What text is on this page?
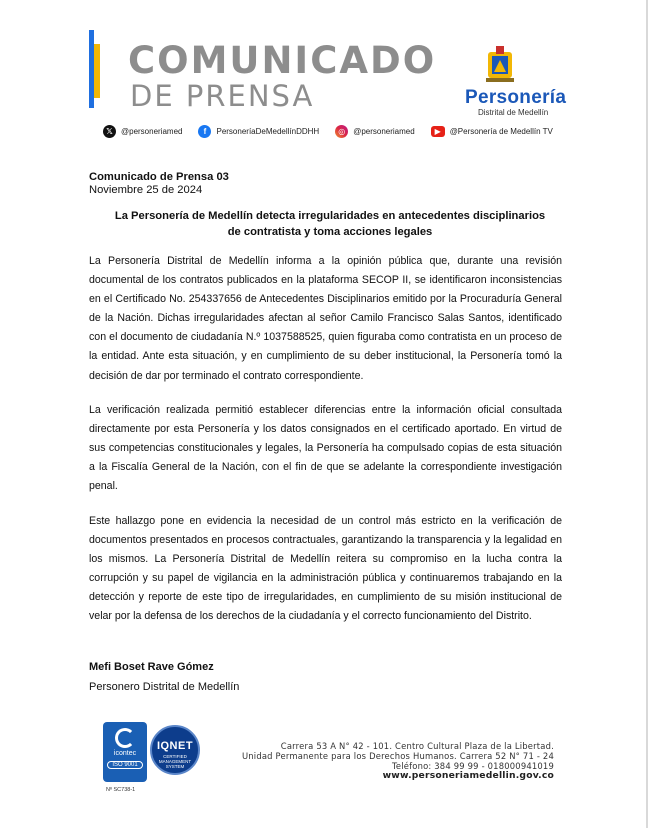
COMUNICADO
DE PRENSA	Personería
Distrital de Medellín
𝕏	@personeriamed	f	PersoneríaDeMedellínDDHH	◎	@personeriamed	▶	@Personería de Medellín TV
Comunicado de Prensa 03
Noviembre 25 de 2024
La Personería de Medellín detecta irregularidades en antecedentes disciplinarios de contratista y toma acciones legales

La Personería Distrital de Medellín informa a la opinión pública que, durante una revisión documental de los contratos publicados en la plataforma SECOP II, se identificaron inconsistencias en el Certificado No. 254337656 de Antecedentes Disciplinarios emitido por la Procuraduría General de la Nación. Dichas irregularidades afectan al señor Camilo Francisco Salas Santos, identificado con el documento de ciudadanía N.º 1037588525, quien figuraba como contratista en un proceso de la entidad. Ante esta situación, y en cumplimiento de su deber institucional, la Personería tomó la decisión de dar por terminado el contrato correspondiente.

La verificación realizada permitió establecer diferencias entre la información oficial consultada directamente por esta Personería y los datos consignados en el certificado aportado. En virtud de sus competencias constitucionales y legales, la Personería ha compulsado copias de esta situación a la Fiscalía General de la Nación, con el fin de que se adelante la correspondiente investigación penal.

Este hallazgo pone en evidencia la necesidad de un control más estricto en la verificación de documentos presentados en procesos contractuales, garantizando la transparencia y la legalidad en los mismos. La Personería Distrital de Medellín reitera su compromiso en la lucha contra la corrupción y su papel de vigilancia en la administración pública y continuaremos trabajando en la detección y reporte de este tipo de irregularidades, en cumplimiento de su misión institucional de velar por la defensa de los derechos de la ciudadanía y el correcto funcionamiento del Distrito.

Mefi Boset Rave Gómez
Personero Distrital de Medellín
icontec
ISO 9001
Nº SC738-1
IQNET
CERTIFIED MANAGEMENT SYSTEM
Carrera 53 A N° 42 - 101. Centro Cultural Plaza de la Libertad.
Unidad Permanente para los Derechos Humanos. Carrera 52 N° 71 - 24
Teléfono: 384 99 99 - 018000941019
www.personeriamedellin.gov.co
